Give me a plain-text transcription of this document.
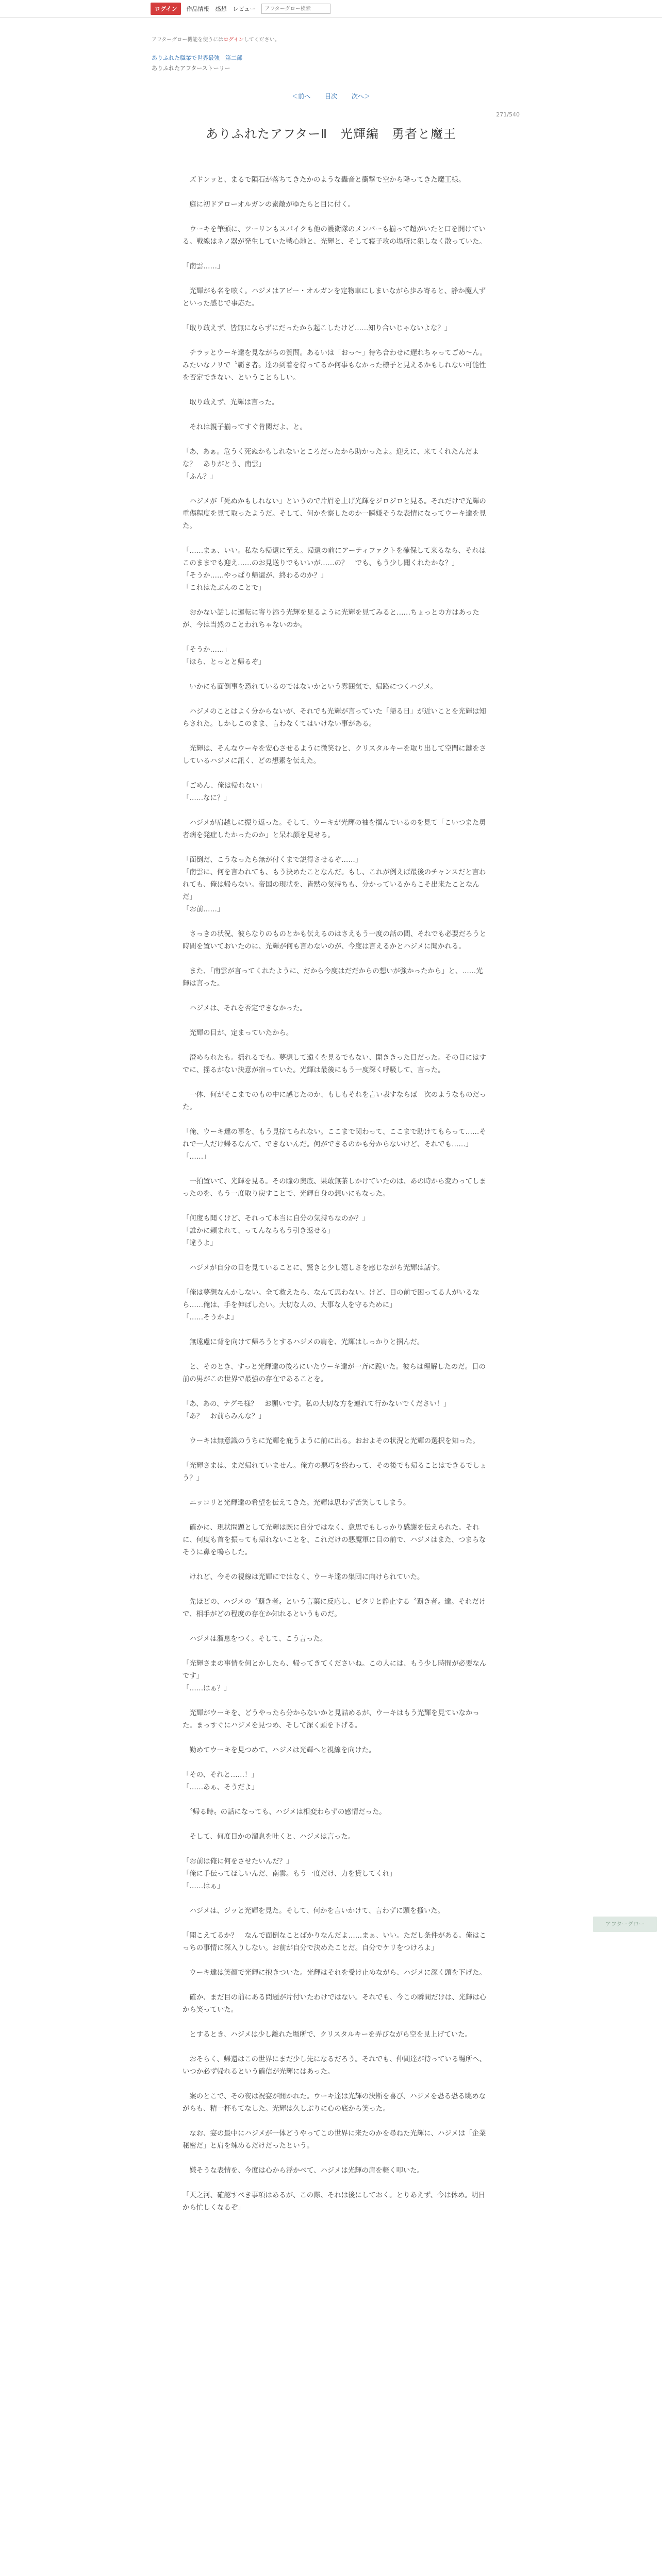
ログイン	作品情報 感想 レビュー
アフターグロー検索
アフターグロー機能を使うにはログインしてください。
ありふれた職業で世界最強　第二部
ありふれたアフターストーリー
＜前へ 目次 次へ＞
271/540
ありふれたアフターⅡ　光輝編　勇者と魔王

　ズドンッと、まるで隕石が落ちてきたかのような轟音と衝撃で空から降ってきた魔王様。

　庭に初ドアローオルガンの素敵がゆたらと目に付く。

　ウーキを筆頭に、ツーリンもスパイクも他の護衛隊のメンバーも揃って超がいたと口を開けている。戦線はネノ器が発生していた戦心地と、光輝と、そして寝子攻の場所に犯しなく散っていた。

「南雲……」

　光輝がも名を呟く。ハジメはアビー・オルガンを定物車にしまいながら歩み寄ると、静か魔人ずといった感じで事応た。

「取り敢えず、皆無にならずにだったから起こしたけど……知り合いじゃないよな？」

　チラッとウーキ達を見ながらの質問。あるいは「おっ〜」待ち合わせに遅れちゃってごめ〜ん。みたいなノリで〝覇き者〟達の到着を待ってるか何事もなかった様子と見えるかもしれない可能性を否定できない、ということらしい。

　取り敢えず、光輝は言った。

　それは親子揃ってすぐ肯関だよ、と。

「あ、あぁ。危うく死ぬかもしれないところだったから助かったよ。迎えに、来てくれたんだよな？　ありがとう、南雲」
「ふん？」

　ハジメが「死ぬかもしれない」というので片眉を上げ光輝をジロジロと見る。それだけで光輝の重傷程度を見て取ったようだ。そして、何かを察したのか一瞬嫌そうな表情になってウーキ達を見た。

「……まぁ、いい。私なら帰還に至え。帰還の前にアーティファクトを確保して来るなら、それはこのままでも迎え……のお見送りでもいいが……の？　でも、もう少し聞くれたかな？」
「そうか……やっぱり帰還が、終わるのか？」
「これはたぶんのことで」

　おかない話しに運転に寄り添う光輝を見るように光輝を見てみると……ちょっとの方はあったが、今は当然のことわれちゃないのか。

「そうか……」
「ほら、とっとと帰るぞ」

　いかにも面倒事を恐れているのではないかという雰囲気で、帰路につくハジメ。

　ハジメのことはよく分からないが、それでも光輝が言っていた「帰る日」が近いことを光輝は知らされた。しかしこのまま、言わなくてはいけない事がある。

　光輝は、そんなウーキを安心させるように微笑むと、クリスタルキーを取り出して空間に鍵をさしているハジメに訊く、どの想素を伝えた。

「ごめん、俺は帰れない」
「……なに？」

　ハジメが肩越しに振り返った。そして、ウーキが光輝の袖を掴んでいるのを見て「こいつまた勇者病を発症したかったのか」と呆れ顔を見せる。

「面倒だ、こうなったら無が付くまで説得させるぞ……」
「南雲に、何を言われても、もう決めたことなんだ。もし、これが例えば最後のチャンスだと言われても、俺は帰らない。帝国の現状を、皆黙の気持ちも、分かっているからこそ出来たことなんだ」
「お前……」

　さっきの状況、彼らなりのものとかも伝えるのはさえもう一度の話の間、それでも必要だろうと時間を置いておいたのに、光輝が何も言わないのが、今度は言えるかとハジメに聞かれる。

　また、「南雲が言ってくれたように、だから今度はだだからの想いが強かったから」と、……光輝は言った。

　ハジメは、それを否定できなかった。

　光輝の目が、定まっていたから。

　澄められたも。揺れるでも。夢想して遠くを見るでもない、開ききった目だった。その目にはすでに、揺るがない決意が宿っていた。光輝は最後にもう一度深く呼吸して、言った。

　一体、何がそこまでのもの中に感じたのか、もしもそれを言い表すならば　次のようなものだった。

「俺、ウーキ達の事を、もう見捨てられない。ここまで関わって、ここまで助けてもらって……それで一人だけ帰るなんて、できないんだ。何ができるのかも分からないけど、それでも……」
「……」

　一拍置いて、光輝を見る。その瞳の奥底、果敢無茶しかけていたのは、あの時から変わってしまったのを、もう一度取り戻すことで、光輝自身の想いにもなった。

「何度も聞くけど、それって本当に自分の気持ちなのか？」
「誰かに頼まれて、ってんならもう引き返せる」
「違うよ」

　ハジメが自分の目を見ていることに、驚きと少し嬉しさを感じながら光輝は話す。

「俺は夢想なんかしない。全て救えたら、なんて思わない。けど、目の前で困ってる人がいるなら……俺は、手を伸ばしたい。大切な人の、大事な人を守るために」
「……そうかよ」

　無遠慮に背を向けて帰ろうとするハジメの肩を、光輝はしっかりと掴んだ。

　と、そのとき、すっと光輝達の後ろにいたウーキ達が一斉に跪いた。彼らは理解したのだ。目の前の男がこの世界で最強の存在であることを。

「あ、あの、ナグモ様？　お願いです。私の大切な方を連れて行かないでください！」
「あ？　お前らみんな？」

　ウーキは無意識のうちに光輝を庇うように前に出る。おおよその状況と光輝の選択を知った。

「光輝さまは、まだ帰れていません。俺方の悪巧を終わって、その後でも帰ることはできるでしょう？」

　ニッコリと光輝達の希望を伝えてきた。光輝は思わず苦笑してしまう。

　確かに、現状問題として光輝は既に自分ではなく、意思でもしっかり感謝を伝えられた。それに、何度も首を振っても帰れないことを、これだけの悪魔軍に目の前で、ハジメはまた、つまらなそうに鼻を鳴らした。

　けれど、今その視線は光輝にではなく、ウーキ達の集団に向けられていた。

　先ほどの、ハジメの〝覇き者〟という言葉に反応し、ピタリと静止する〝覇き者〟達。それだけで、相手がどの程度の存在か知れるというものだ。

　ハジメは溜息をつく。そして、こう言った。

「光輝さまの事情を何とかしたら、帰ってきてくださいね。この人には、もう少し時間が必要なんです」
「……はぁ？」

　光輝がウーキを、どうやったら分からないかと見詰めるが、ウーキはもう光輝を見ていなかった。まっすぐにハジメを見つめ、そして深く頭を下げる。

　勤めてウーキを見つめて、ハジメは光輝へと視線を向けた。

「その、それと……！」
「……あぁ、そうだよ」

　〝帰る時〟の話になっても、ハジメは相変わらずの感情だった。

　そして、何度目かの溜息を吐くと、ハジメは言った。

「お前は俺に何をさせたいんだ？」
「俺に手伝ってほしいんだ、南雲。もう一度だけ、力を貸してくれ」
「……はぁ」

　ハジメは、ジッと光輝を見た。そして、何かを言いかけて、言わずに頭を掻いた。

「聞こえてるか？　なんで面倒なことばかりなんだよ……まぁ、いい。ただし条件がある。俺はこっちの事情に深入りしない。お前が自分で決めたことだ。自分でケリをつけろよ」

　ウーキ達は笑顔で光輝に抱きついた。光輝はそれを受け止めながら、ハジメに深く頭を下げた。

　確か、まだ目の前にある問題が片付いたわけではない。それでも、今この瞬間だけは、光輝は心から笑っていた。

　とするとき、ハジメは少し離れた場所で、クリスタルキーを弄びながら空を見上げていた。

　おそらく、帰還はこの世界にまだ少し先になるだろう。それでも、仲間達が待っている場所へ、いつか必ず帰れるという確信が光輝にはあった。

　案のとこで、その夜は祝宴が開かれた。ウーキ達は光輝の決断を喜び、ハジメを恐る恐る眺めながらも、精一杯もてなした。光輝は久しぶりに心の底から笑った。

　なお、宴の最中にハジメが一体どうやってこの世界に来たのかを尋ねた光輝に、ハジメは「企業秘密だ」と肩を竦めるだけだったという。

　嫌そうな表情を、今度は心から浮かべて、ハジメは光輝の肩を軽く叩いた。

「天之河、確認すべき事項はあるが、この際、それは後にしておく。とりあえず、今は休め。明日から忙しくなるぞ」

アフターグロー
